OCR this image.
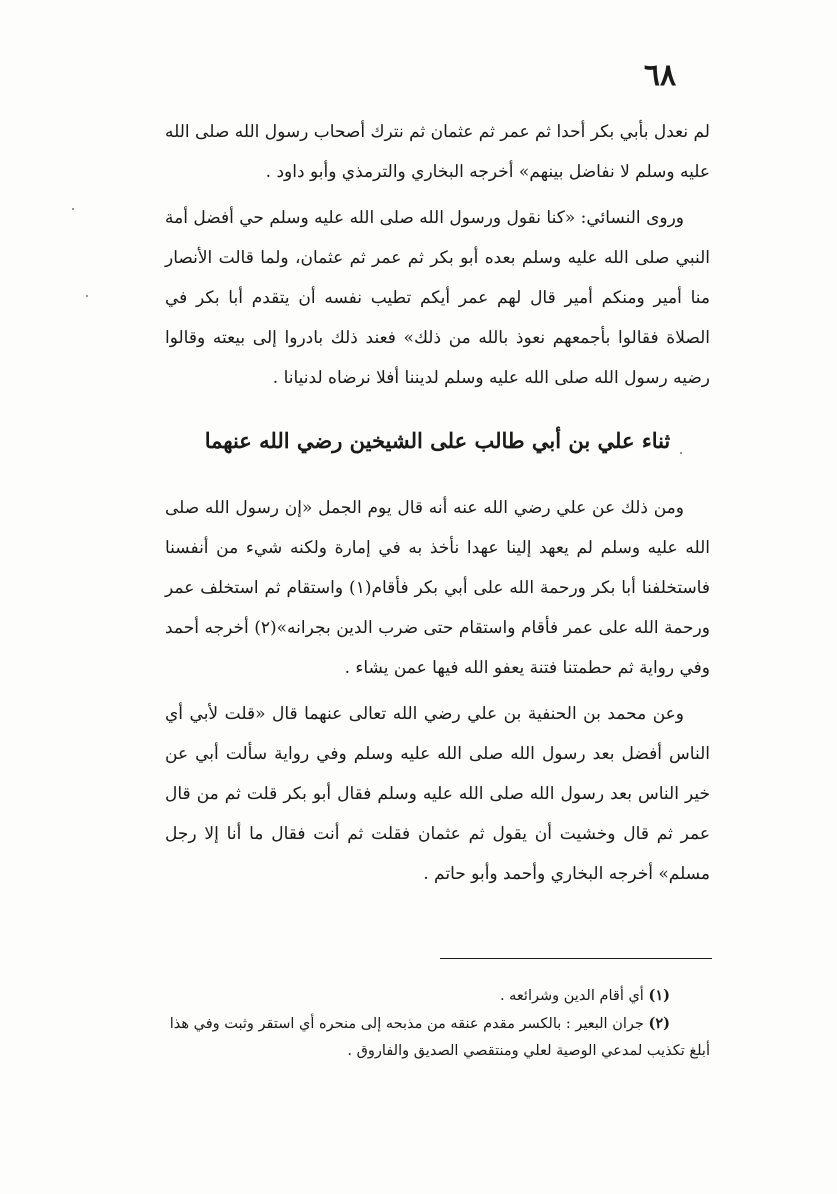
٦٨

لم نعدل بأبي بكر أحدا ثم عمر ثم عثمان ثم نترك أصحاب رسول الله صلى الله عليه وسلم لا نفاضل بينهم» أخرجه البخاري والترمذي وأبو داود .

وروى النسائي: «كنا نقول ورسول الله صلى الله عليه وسلم حي أفضل أمة النبي صلى الله عليه وسلم بعده أبو بكر ثم عمر ثم عثمان، ولما قالت الأنصار منا أمير ومنكم أمير قال لهم عمر أيكم تطيب نفسه أن يتقدم أبا بكر في الصلاة فقالوا بأجمعهم نعوذ بالله من ذلك» فعند ذلك بادروا إلى بيعته وقالوا رضيه رسول الله صلى الله عليه وسلم لديننا أفلا نرضاه لدنيانا .

ثناء علي بن أبي طالب على الشيخين رضي الله عنهما

ومن ذلك عن علي رضي الله عنه أنه قال يوم الجمل «إن رسول الله صلى الله عليه وسلم لم يعهد إلينا عهدا نأخذ به في إمارة ولكنه شيء من أنفسنا فاستخلفنا أبا بكر ورحمة الله على أبي بكر فأقام(١) واستقام ثم استخلف عمر ورحمة الله على عمر فأقام واستقام حتى ضرب الدين بجرانه»(٢) أخرجه أحمد وفي رواية ثم حطمتنا فتنة يعفو الله فيها عمن يشاء .

وعن محمد بن الحنفية بن علي رضي الله تعالى عنهما قال «قلت لأبي أي الناس أفضل بعد رسول الله صلى الله عليه وسلم وفي رواية سألت أبي عن خير الناس بعد رسول الله صلى الله عليه وسلم فقال أبو بكر قلت ثم من قال عمر ثم قال وخشيت أن يقول ثم عثمان فقلت ثم أنت فقال ما أنا إلا رجل مسلم» أخرجه البخاري وأحمد وأبو حاتم .

(١) أي أقام الدين وشرائعه .

(٢) جران البعير : بالكسر مقدم عنقه من مذبحه إلى منحره أي استقر وثبت وفي هذا أبلغ تكذيب لمدعي الوصية لعلي ومنتقصي الصديق والفاروق .
